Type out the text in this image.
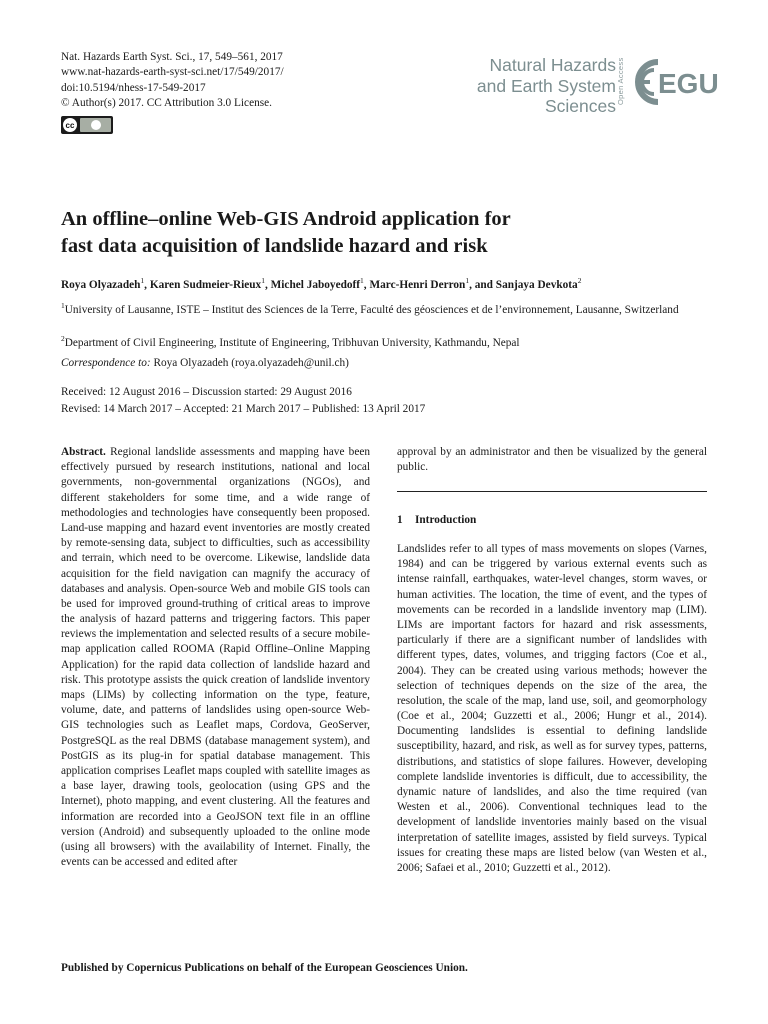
Nat. Hazards Earth Syst. Sci., 17, 549–561, 2017
www.nat-hazards-earth-syst-sci.net/17/549/2017/
doi:10.5194/nhess-17-549-2017
© Author(s) 2017. CC Attribution 3.0 License.
cc
Natural Hazards
and Earth System
Sciences
Open Access EGU
An offline–online Web-GIS Android application for
fast data acquisition of landslide hazard and risk
Roya Olyazadeh$^1$, Karen Sudmeier-Rieux$^1$, Michel Jaboyedoff$^1$, Marc-Henri Derron$^1$, and Sanjaya Devkota$^2$
$^1$University of Lausanne, ISTE – Institut des Sciences de la Terre, Faculté des géosciences et de l’environnement, Lausanne, Switzerland
$^2$Department of Civil Engineering, Institute of Engineering, Tribhuvan University, Kathmandu, Nepal
Correspondence to: Roya Olyazadeh (roya.olyazadeh@unil.ch)
Received: 12 August 2016 – Discussion started: 29 August 2016
Revised: 14 March 2017 – Accepted: 21 March 2017 – Published: 13 April 2017
Abstract. Regional landslide assessments and mapping have been effectively pursued by research institutions, national and local governments, non-governmental organizations (NGOs), and different stakeholders for some time, and a wide range of methodologies and technologies have consequently been proposed. Land-use mapping and hazard event inventories are mostly created by remote-sensing data, subject to difficulties, such as accessibility and terrain, which need to be overcome. Likewise, landslide data acquisition for the field navigation can magnify the accuracy of databases and analysis. Open-source Web and mobile GIS tools can be used for improved ground-truthing of critical areas to improve the analysis of hazard patterns and triggering factors. This paper reviews the implementation and selected results of a secure mobile-map application called ROOMA (Rapid Offline–Online Mapping Application) for the rapid data collection of landslide hazard and risk. This prototype assists the quick creation of landslide inventory maps (LIMs) by collecting information on the type, feature, volume, date, and patterns of landslides using open-source Web-GIS technologies such as Leaflet maps, Cordova, GeoServer, PostgreSQL as the real DBMS (database management system), and PostGIS as its plug-in for spatial database management. This application comprises Leaflet maps coupled with satellite images as a base layer, drawing tools, geolocation (using GPS and the Internet), photo mapping, and event clustering. All the features and information are recorded into a GeoJSON text file in an offline version (Android) and subsequently uploaded to the online mode (using all browsers) with the availability of Internet. Finally, the events can be accessed and edited after
approval by an administrator and then be visualized by the general public.
1 Introduction
Landslides refer to all types of mass movements on slopes (Varnes, 1984) and can be triggered by various external events such as intense rainfall, earthquakes, water-level changes, storm waves, or human activities. The location, the time of event, and the types of movements can be recorded in a landslide inventory map (LIM). LIMs are important factors for hazard and risk assessments, particularly if there are a significant number of landslides with different types, dates, volumes, and trigging factors (Coe et al., 2004). They can be created using various methods; however the selection of techniques depends on the size of the area, the resolution, the scale of the map, land use, soil, and geomorphology (Coe et al., 2004; Guzzetti et al., 2006; Hungr et al., 2014). Documenting landslides is essential to defining landslide susceptibility, hazard, and risk, as well as for survey types, patterns, distributions, and statistics of slope failures. However, developing complete landslide inventories is difficult, due to accessibility, the dynamic nature of landslides, and also the time required (van Westen et al., 2006). Conventional techniques lead to the development of landslide inventories mainly based on the visual interpretation of satellite images, assisted by field surveys. Typical issues for creating these maps are listed below (van Westen et al., 2006; Safaei et al., 2010; Guzzetti et al., 2012).
Published by Copernicus Publications on behalf of the European Geosciences Union.
